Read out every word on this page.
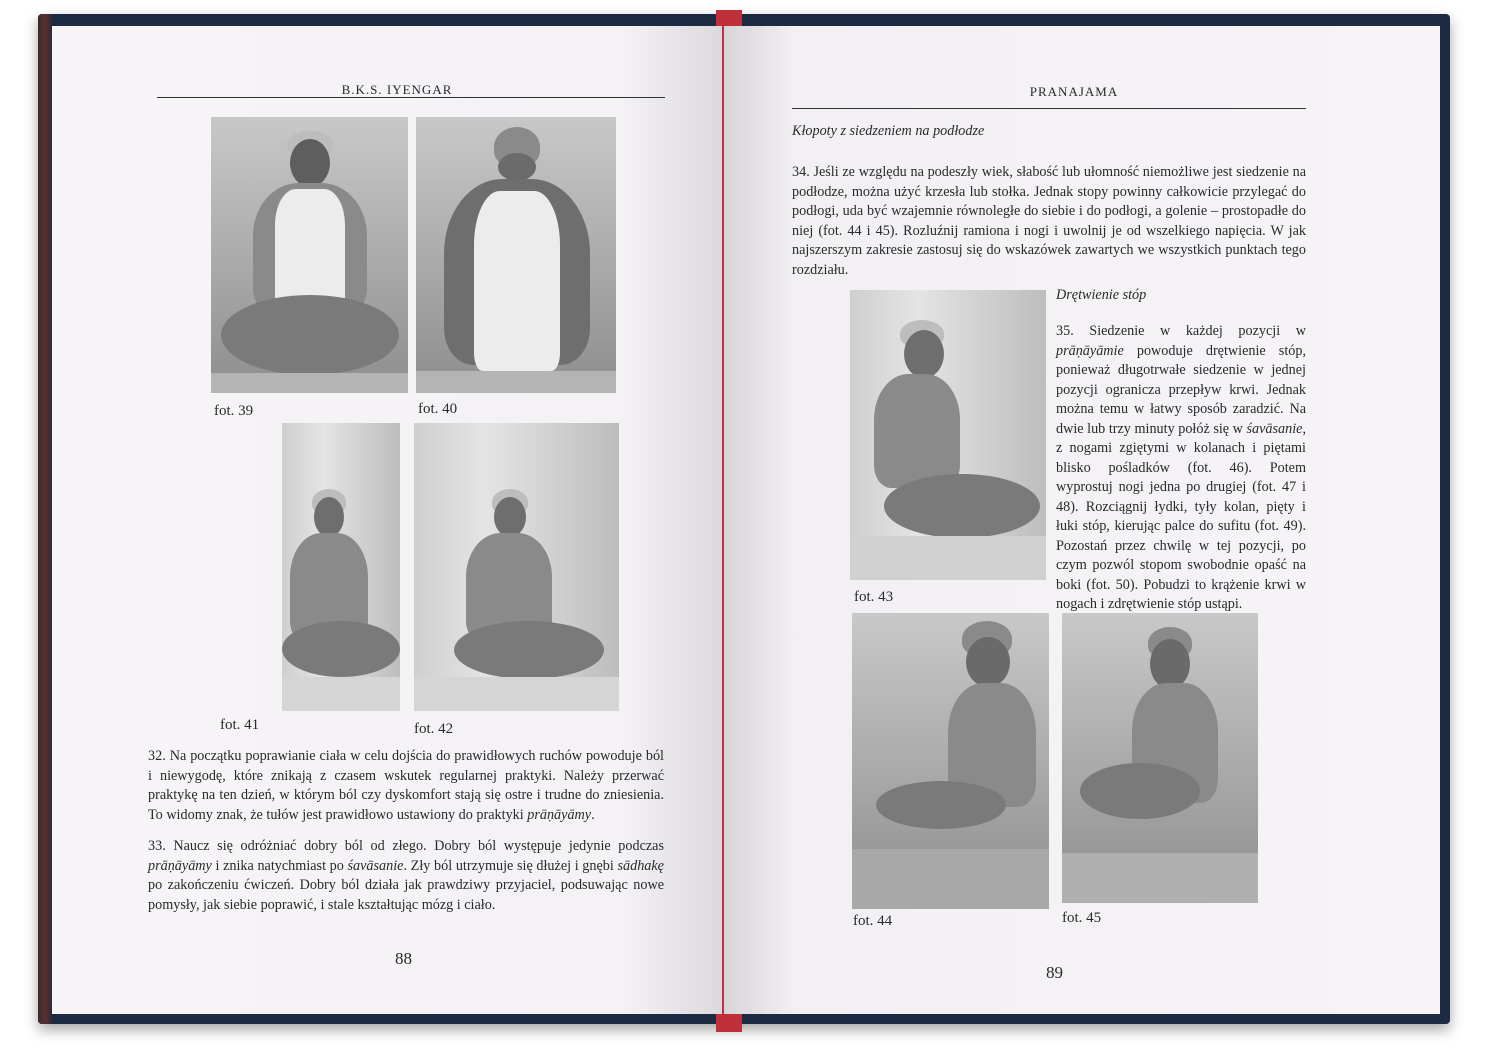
B.K.S. IYENGAR
fot. 39	fot. 40
fot. 41	fot. 42

32. Na początku poprawianie ciała w celu dojścia do prawidłowych ruchów powoduje ból i niewygodę, które znikają z czasem wskutek regularnej praktyki. Należy przerwać praktykę na ten dzień, w którym ból czy dyskomfort stają się ostre i trudne do zniesienia. To widomy znak, że tułów jest prawidłowo ustawiony do praktyki prāṇāyāmy.

33. Naucz się odróżniać dobry ból od złego. Dobry ból występuje jedynie podczas prāṇāyāmy i znika natychmiast po śavāsanie. Zły ból utrzymuje się dłużej i gnębi sādhakę po zakończeniu ćwiczeń. Dobry ból działa jak prawdziwy przyjaciel, podsuwając nowe pomysły, jak siebie poprawić, i stale kształtując mózg i ciało.

88
PRANAJAMA
Kłopoty z siedzeniem na podłodze
34. Jeśli ze względu na podeszły wiek, słabość lub ułomność niemożliwe jest siedzenie na podłodze, można użyć krzesła lub stołka. Jednak stopy powinny całkowicie przylegać do podłogi, uda być wzajemnie równoległe do siebie i do podłogi, a golenie – prostopadłe do niej (fot. 44 i 45). Rozluźnij ramiona i nogi i uwolnij je od wszelkiego napięcia. W jak najszerszym zakresie zastosuj się do wskazówek zawartych we wszystkich punktach tego rozdziału.
fot. 43
Drętwienie stóp
35. Siedzenie w każdej pozycji w prāṇāyāmie powoduje drętwienie stóp, ponieważ długotrwałe siedzenie w jednej pozycji ogranicza przepływ krwi. Jednak można temu w łatwy sposób zaradzić. Na dwie lub trzy minuty połóż się w śavāsanie, z nogami zgiętymi w kolanach i piętami blisko pośladków (fot. 46). Potem wyprostuj nogi jedna po drugiej (fot. 47 i 48). Rozciągnij łydki, tyły kolan, pięty i łuki stóp, kierując palce do sufitu (fot. 49). Pozostań przez chwilę w tej pozycji, po czym pozwól stopom swobodnie opaść na boki (fot. 50). Pobudzi to krążenie krwi w nogach i zdrętwienie stóp ustąpi.
fot. 44	fot. 45
89
